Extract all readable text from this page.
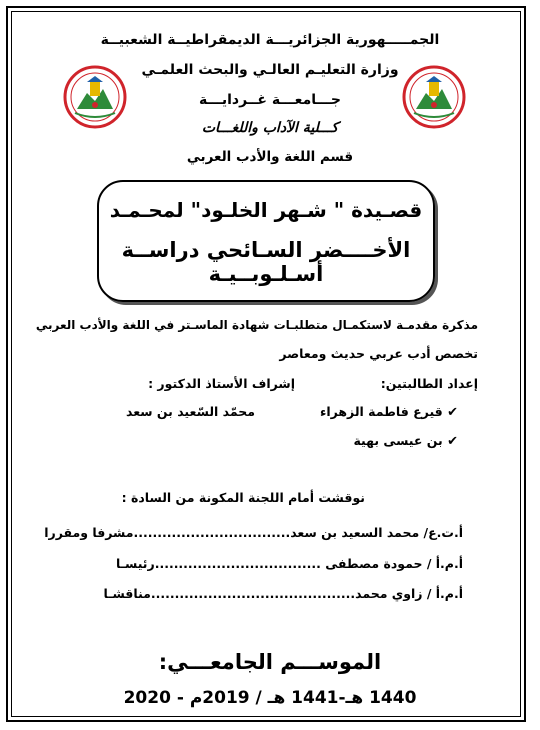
الجمـــــهورية الجزائريـــة الديمقراطيــة الشعبيــة
وزارة التعليـم العالـي والبحث العلمـي
جـــامعـــة غــردايـــة
كـــلية الآداب واللغـــات
قسم اللغة والأدب العربي
قصـيدة " شـهر الخلـود" لمحـمـد
الأخــــضر السـائحي دراســة أسـلـوبــيـة
مذكرة مقدمـة لاستكمـال متطلبـات شهادة الماسـتر في اللغة والأدب العربي
تخصص أدب عربي حديث ومعاصر
إعداد الطالبتين:
إشراف الأستاذ الدكتور :
✔ قيرع فاطمة الزهراء
محمّد السّعيد بن سعد
✔ بن عيسى بهية
نوقشت أمام اللجنة المكونة من السادة :
أ.ت.ع/ محمد السعيد بن سعد.................................مشرفا ومقررا
أ.م.أ / حمودة مصطفى ...................................رئيسـا
أ.م.أ / زاوي محمد...........................................مناقشـا
الموســـم الجامعـــي:
1440 هـ-1441 هـ / 2019م - 2020
